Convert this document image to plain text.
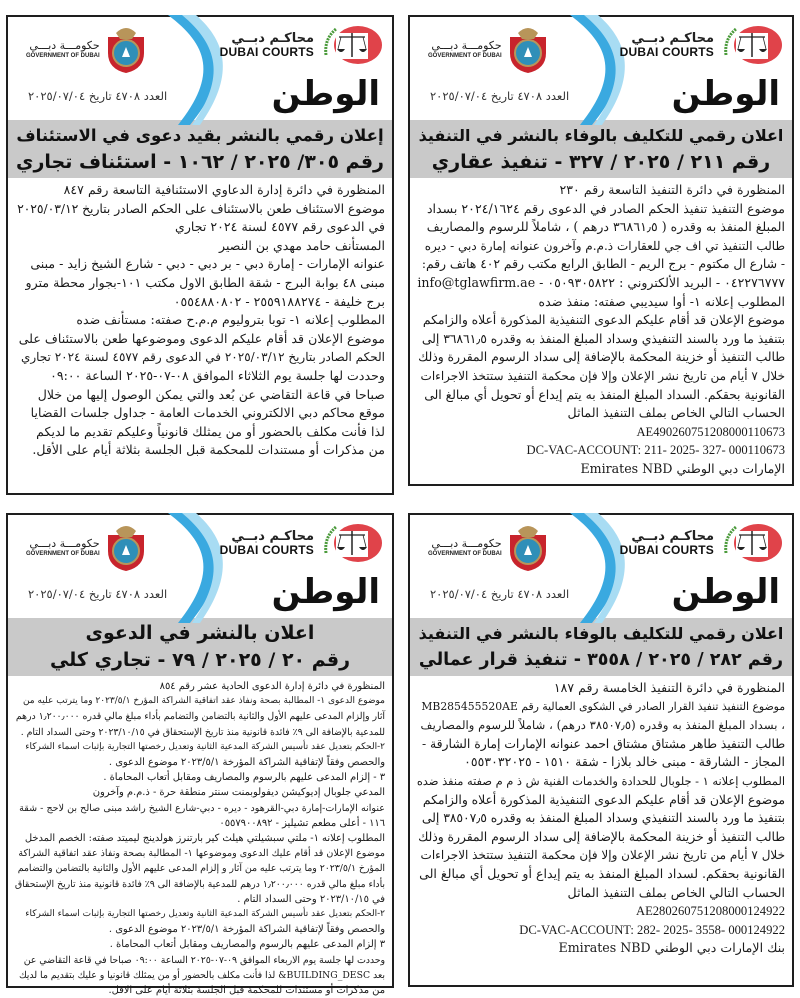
محاكـم دبــي
DUBAI COURTS
حكومـــة دبـــي
GOVERNMENT OF DUBAI
الوطن
العدد ٤٧٠٨ تاريخ ٢٠٢٥/٠٧/٠٤
اعلان رقمي للتكليف بالوفاء بالنشر في التنفيذ
رقم ٢١١ / ٢٠٢٥ / ٣٢٧ - تنفيذ عقاري
المنظورة في دائرة التنفيذ التاسعة رقم ٢٣٠
موضوع التنفيذ تنفيذ الحكم الصادر في الدعوى رقم ٢٠٢٤/١٦٢٤ بسداد
المبلغ المنفذ به وقدره ( ٣٦٨٦١٫٥ درهم ) ، شاملاً للرسوم والمصاريف
طالب التنفيذ تي اف جي للعقارات ذ.م.م وآخرون عنوانه إمارة دبي - ديره
- شارع ال مكتوم - برج الريم - الطابق الرابع مكتب رقم ٤٠٢ هاتف رقم:
٠٤٢٢٧٦٧٧٧ - البريد الألكتروني : ٠٥٠٩٣٠٥٨٢٢ - info@tglawfirm.ae
المطلوب إعلانه ١- أوا سيديبي صفته: منفذ ضده
موضوع الإعلان قد أقام عليكم الدعوى التنفيذية المذكورة أعلاه والزامكم
بتنفيذ ما ورد بالسند التنفيذي وسداد المبلغ المنفذ به وقدره ٣٦٨٦١٫٥ إلى
طالب التنفيذ أو خزينة المحكمة بالإضافة إلى سداد الرسوم المقررة وذلك
خلال ٧ أيام من تاريخ نشر الإعلان وإلا فإن محكمة التنفيذ ستتخذ الاجراءات
القانونية بحقكم. السداد المبلغ المنفذ به يتم إيداع أو تحويل أي مبالغ الى
الحساب التالي الخاص بملف التنفيذ الماثل
AE490260751208000110673
DC-VAC-ACCOUNT: 211- 2025- 327- 000110673
الإمارات دبي الوطني Emirates NBD
محاكـم دبــي
DUBAI COURTS
حكومـــة دبـــي
GOVERNMENT OF DUBAI
الوطن
العدد ٤٧٠٨ تاريخ ٢٠٢٥/٠٧/٠٤
إعلان رقمي بالنشر بقيد دعوى في الاستئناف
رقم ٣٠٥/ ٢٠٢٥ / ١٠٦٢ - استئناف تجاري
المنظورة في دائرة إدارة الدعاوي الاستئنافية التاسعة رقم ٨٤٧
موضوع الاستئناف طعن بالاستئناف على الحكم الصادر بتاريخ ٢٠٢٥/٠٣/١٢
في الدعوى رقم ٤٥٧٧ لسنة ٢٠٢٤ تجاري
المستأنف حامد مهدي بن النصير
عنوانه الإمارات - إمارة دبي - بر دبي - دبي - شارع الشيخ زايد - مبنى
مبنى ٤٨ بوابة البرج - شقة الطابق الاول مكتب ١٠١-بجوار محطة مترو
برج خليفة - ٢٥٥٩١٨٨٢٧٤ - ٠٥٥٤٨٨٠٨٠٢
المطلوب إعلانه ١- توبا بتروليوم م.م.ح صفته: مستأنف ضده
موضوع الإعلان قد أقام عليكم الدعوى وموضوعها طعن بالاستئناف على
الحكم الصادر بتاريخ ٢٠٢٥/٠٣/١٢ في الدعوى رقم ٤٥٧٧ لسنة ٢٠٢٤ تجاري
وحددت لها جلسة يوم الثلاثاء الموافق ٠٨-٠٧-٢٠٢٥ الساعة ٠٩:٠٠
صباحا في قاعة التقاضي عن بُعد والتي يمكن الوصول إليها من خلال
موقع محاكم دبي الالكتروني الخدمات العامة - جداول جلسات القضايا
لذا فأنت مكلف بالحضور أو من يمثلك قانونياً وعليكم تقديم ما لديكم
من مذكرات أو مستندات للمحكمة قبل الجلسة بثلاثة أيام على الأقل.
محاكـم دبــي
DUBAI COURTS
حكومـــة دبـــي
GOVERNMENT OF DUBAI
الوطن
العدد ٤٧٠٨ تاريخ ٢٠٢٥/٠٧/٠٤
اعلان رقمي للتكليف بالوفاء بالنشر في التنفيذ
رقم ٢٨٢ / ٢٠٢٥ / ٣٥٥٨ - تنفيذ قرار عمالي
المنظورة في دائرة التنفيذ الخامسة رقم ١٨٧
موضوع التنفيذ تنفيذ القرار الصادر في الشكوى العمالية رقم MB285455520AE
، بسداد المبلغ المنفذ به وقدره (٣٨٥٠٧٫٥ درهم) ، شاملاً للرسوم والمصاريف
طالب التنفيذ طاهر مشتاق مشتاق احمد عنوانه الإمارات إمارة الشارقة -
المجاز - الشارقة - مبنى خالد بلازا - شقة ١٥١٠ - ٠٥٥٣٠٣٢٠٢٥
المطلوب إعلانه ١ - جلوبال للحدادة والخدمات الفنية ش ذ م م صفته منفذ ضده
موضوع الإعلان قد أقام عليكم الدعوى التنفيذية المذكورة أعلاه والزامكم
بتنفيذ ما ورد بالسند التنفيذي وسداد المبلغ المنفذ به وقدره ٣٨٥٠٧٫٥ إلى
طالب التنفيذ أو خزينة المحكمة بالإضافة إلى سداد الرسوم المقررة وذلك
خلال ٧ أيام من تاريخ نشر الإعلان وإلا فإن محكمة التنفيذ ستتخذ الاجراءات
القانونية بحقكم. لسداد المبلغ المنفذ به يتم إيداع أو تحويل أي مبالغ الى
الحساب التالي الخاص بملف التنفيذ الماثل
AE280260751208000124922
DC-VAC-ACCOUNT: 282- 2025- 3558- 000124922
بنك الإمارات دبي الوطني Emirates NBD
محاكـم دبــي
DUBAI COURTS
حكومـــة دبـــي
GOVERNMENT OF DUBAI
الوطن
العدد ٤٧٠٨ تاريخ ٢٠٢٥/٠٧/٠٤
اعلان بالنشر في الدعوى
رقم ٢٠ / ٢٠٢٥ / ٧٩ - تجاري كلي
المنظورة في دائرة إدارة الدعوى الحادية عشر رقم ٨٥٤
موضوع الدعوى ١- المطالبة بصحة ونفاذ عقد اتفاقية الشراكة المؤرخ ٢٠٢٣/٥/١ وما يترتب عليه من
آثار وإلزام المدعى عليهم الأول والثانية بالتضامن والتضامم بأداء مبلغ مالي قدره ١٫٢٠٠٫٠٠٠ درهم
للمدعية بالإضافة الى ٩٪ فائدة قانونية منذ تاريخ الإستحقاق في ٢٠٢٣/١٠/١٥ وحتى السداد التام .
٢-الحكم بتعديل عقد تأسيس الشركة المدعية الثانية وتعديل رخصتها التجارية بإثبات اسماء الشركاء
والحصص وفقاً لإتفاقية الشراكة المؤرخة ٢٠٢٣/٥/١ موضوع الدعوى .
٣ - إلزام المدعى عليهم بالرسوم والمصاريف ومقابل أتعاب المحاماة .
المدعي جلوبال إديوكيشن ديفولوبمنت سنتر منطقة حرة - ذ.م.م وآخرون
عنوانه الإمارات-إمارة دبي-القرهود - ديره - دبي-شارع الشيخ راشد مبنى صالح بن لاحج - شقة
١١٦ - أعلى مطعم تشيليز - ٠٥٥٧٩٠٠٨٩٢
المطلوب إعلانه ١- ملتي سبشيلتي هيلث كير بارتنرز هولدينج ليميتد صفته: الخصم المدخل
موضوع الإعلان قد أقام عليك الدعوى وموضوعها ١- المطالبة بصحة ونفاذ عقد اتفاقية الشراكة
المؤرخ ٢٠٢٣/٥/١ وما يترتب عليه من آثار و إلزام المدعى عليهم الأول والثانية بالتضامن والتضامم
بأداء مبلغ مالي قدره ١٫٢٠٠٫٠٠٠ درهم للمدعية بالإضافة الى ٩٪ فائدة قانونية منذ تاريخ الإستحقاق
في ٢٠٢٣/١٠/١٥ وحتى السداد التام .
٢-الحكم بتعديل عقد تأسيس الشركة المدعية الثانية وتعديل رخصتها التجارية بإثبات اسماء الشركاء
والحصص وفقاً لإتفاقية الشراكة المؤرخة ٢٠٢٣/٥/١ موضوع الدعوى .
٣ إلزام المدعى عليهم بالرسوم والمصاريف ومقابل أتعاب المحاماة .
وحددت لها جلسة يوم الاربعاء الموافق ٠٩-٠٧-٢٠٢٥ الساعة ٠٩:٠٠ صباحا في قاعة التقاضي عن
بعد BUILDING_DESC& لذا فأنت مكلف بالحضور أو من يمثلك قانونيا و عليك بتقديم ما لديك
من مذكرات أو مستندات للمحكمة قبل الجلسة بثلاثة أيام على الاقل.
